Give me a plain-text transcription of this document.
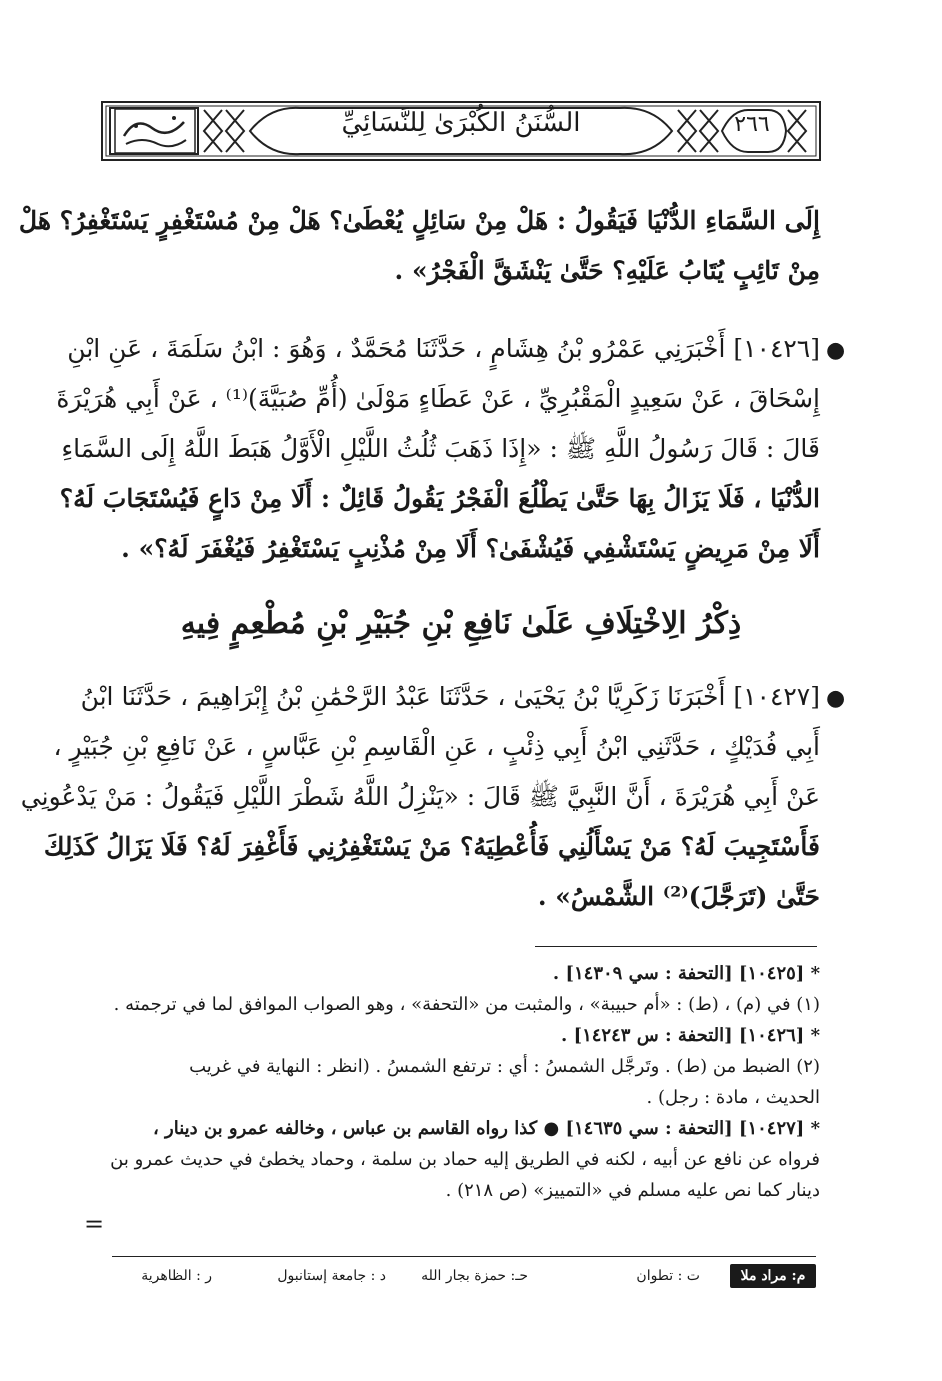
السُّنَنُ الكُبْرَىٰ لِلنَّسَائِيِّ	٢٦٦
إِلَى السَّمَاءِ الدُّنْيَا فَيَقُولُ : هَلْ مِنْ سَائِلٍ يُعْطَىٰ؟ هَلْ مِنْ مُسْتَغْفِرٍ يَسْتَغْفِرُ؟ هَلْ
مِنْ تَائِبٍ يُتَابُ عَلَيْهِ؟ حَتَّىٰ يَنْشَقَّ الْفَجْرُ» .
●
[١٠٤٢٦] أَخْبَرَنِي عَمْرُو بْنُ هِشَامٍ ، حَدَّثَنَا مُحَمَّدٌ ، وَهُوَ : ابْنُ سَلَمَةَ ، عَنِ ابْنِ
إِسْحَاقَ ، عَنْ سَعِيدٍ الْمَقْبُرِيِّ ، عَنْ عَطَاءٍ مَوْلَىٰ (أُمِّ صُبَيَّةَ)⁽¹⁾ ، عَنْ أَبِي هُرَيْرَةَ
قَالَ : قَالَ رَسُولُ اللَّهِ ﷺ : «إِذَا ذَهَبَ ثُلُثُ اللَّيْلِ الْأَوَّلُ هَبَطَ اللَّهُ إِلَى السَّمَاءِ
الدُّنْيَا ، فَلَا يَزَالُ بِهَا حَتَّىٰ يَطْلُعَ الْفَجْرُ يَقُولُ قَائِلٌ : أَلَا مِنْ دَاعٍ فَيُسْتَجَابَ لَهُ؟
أَلَا مِنْ مَرِيضٍ يَسْتَشْفِي فَيُشْفَىٰ؟ أَلَا مِنْ مُذْنِبٍ يَسْتَغْفِرُ فَيُغْفَرَ لَهُ؟» .
ذِكْرُ الِاخْتِلَافِ عَلَىٰ نَافِعِ بْنِ جُبَيْرِ بْنِ مُطْعِمٍ فِيهِ
●
[١٠٤٢٧] أَخْبَرَنَا زَكَرِيَّا بْنُ يَحْيَىٰ ، حَدَّثَنَا عَبْدُ الرَّحْمَٰنِ بْنُ إِبْرَاهِيمَ ، حَدَّثَنَا ابْنُ
أَبِي فُدَيْكٍ ، حَدَّثَنِي ابْنُ أَبِي ذِئْبٍ ، عَنِ الْقَاسِمِ بْنِ عَبَّاسٍ ، عَنْ نَافِعِ بْنِ جُبَيْرٍ ،
عَنْ أَبِي هُرَيْرَةَ ، أَنَّ النَّبِيَّ ﷺ قَالَ : «يَنْزِلُ اللَّهُ شَطْرَ اللَّيْلِ فَيَقُولُ : مَنْ يَدْعُونِي
فَأَسْتَجِيبَ لَهُ؟ مَنْ يَسْأَلُنِي فَأُعْطِيَهُ؟ مَنْ يَسْتَغْفِرُنِي فَأَغْفِرَ لَهُ؟ فَلَا يَزَالُ كَذَلِكَ
حَتَّىٰ (تَرَجَّلَ)⁽²⁾ الشَّمْسُ» .
* [١٠٤٢٥] [التحفة : سي ١٤٣٠٩] .
(١) في (م) ، (ط) : «أم حبيبة» ، والمثبت من «التحفة» ، وهو الصواب الموافق لما في ترجمته .
* [١٠٤٢٦] [التحفة : س ١٤٢٤٣] .
(٢) الضبط من (ط) . وتَرجَّل الشمسُ : أي : ترتفع الشمسُ . (انظر : النهاية في غريب
الحديث ، مادة : رجل) .
* [١٠٤٢٧] [التحفة : سي ١٤٦٣٥] ● كذا رواه القاسم بن عباس ، وخالفه عمرو بن دينار ،
فرواه عن نافع عن أبيه ، لكنه في الطريق إليه حماد بن سلمة ، وحماد يخطئ في حديث عمرو بن
دينار كما نص عليه مسلم في «التمييز» (ص ٢١٨) .
=
م: مراد ملا
ت : تطوان
حـ: حمزة بجار الله
د : جامعة إستانبول
ر : الظاهرية
